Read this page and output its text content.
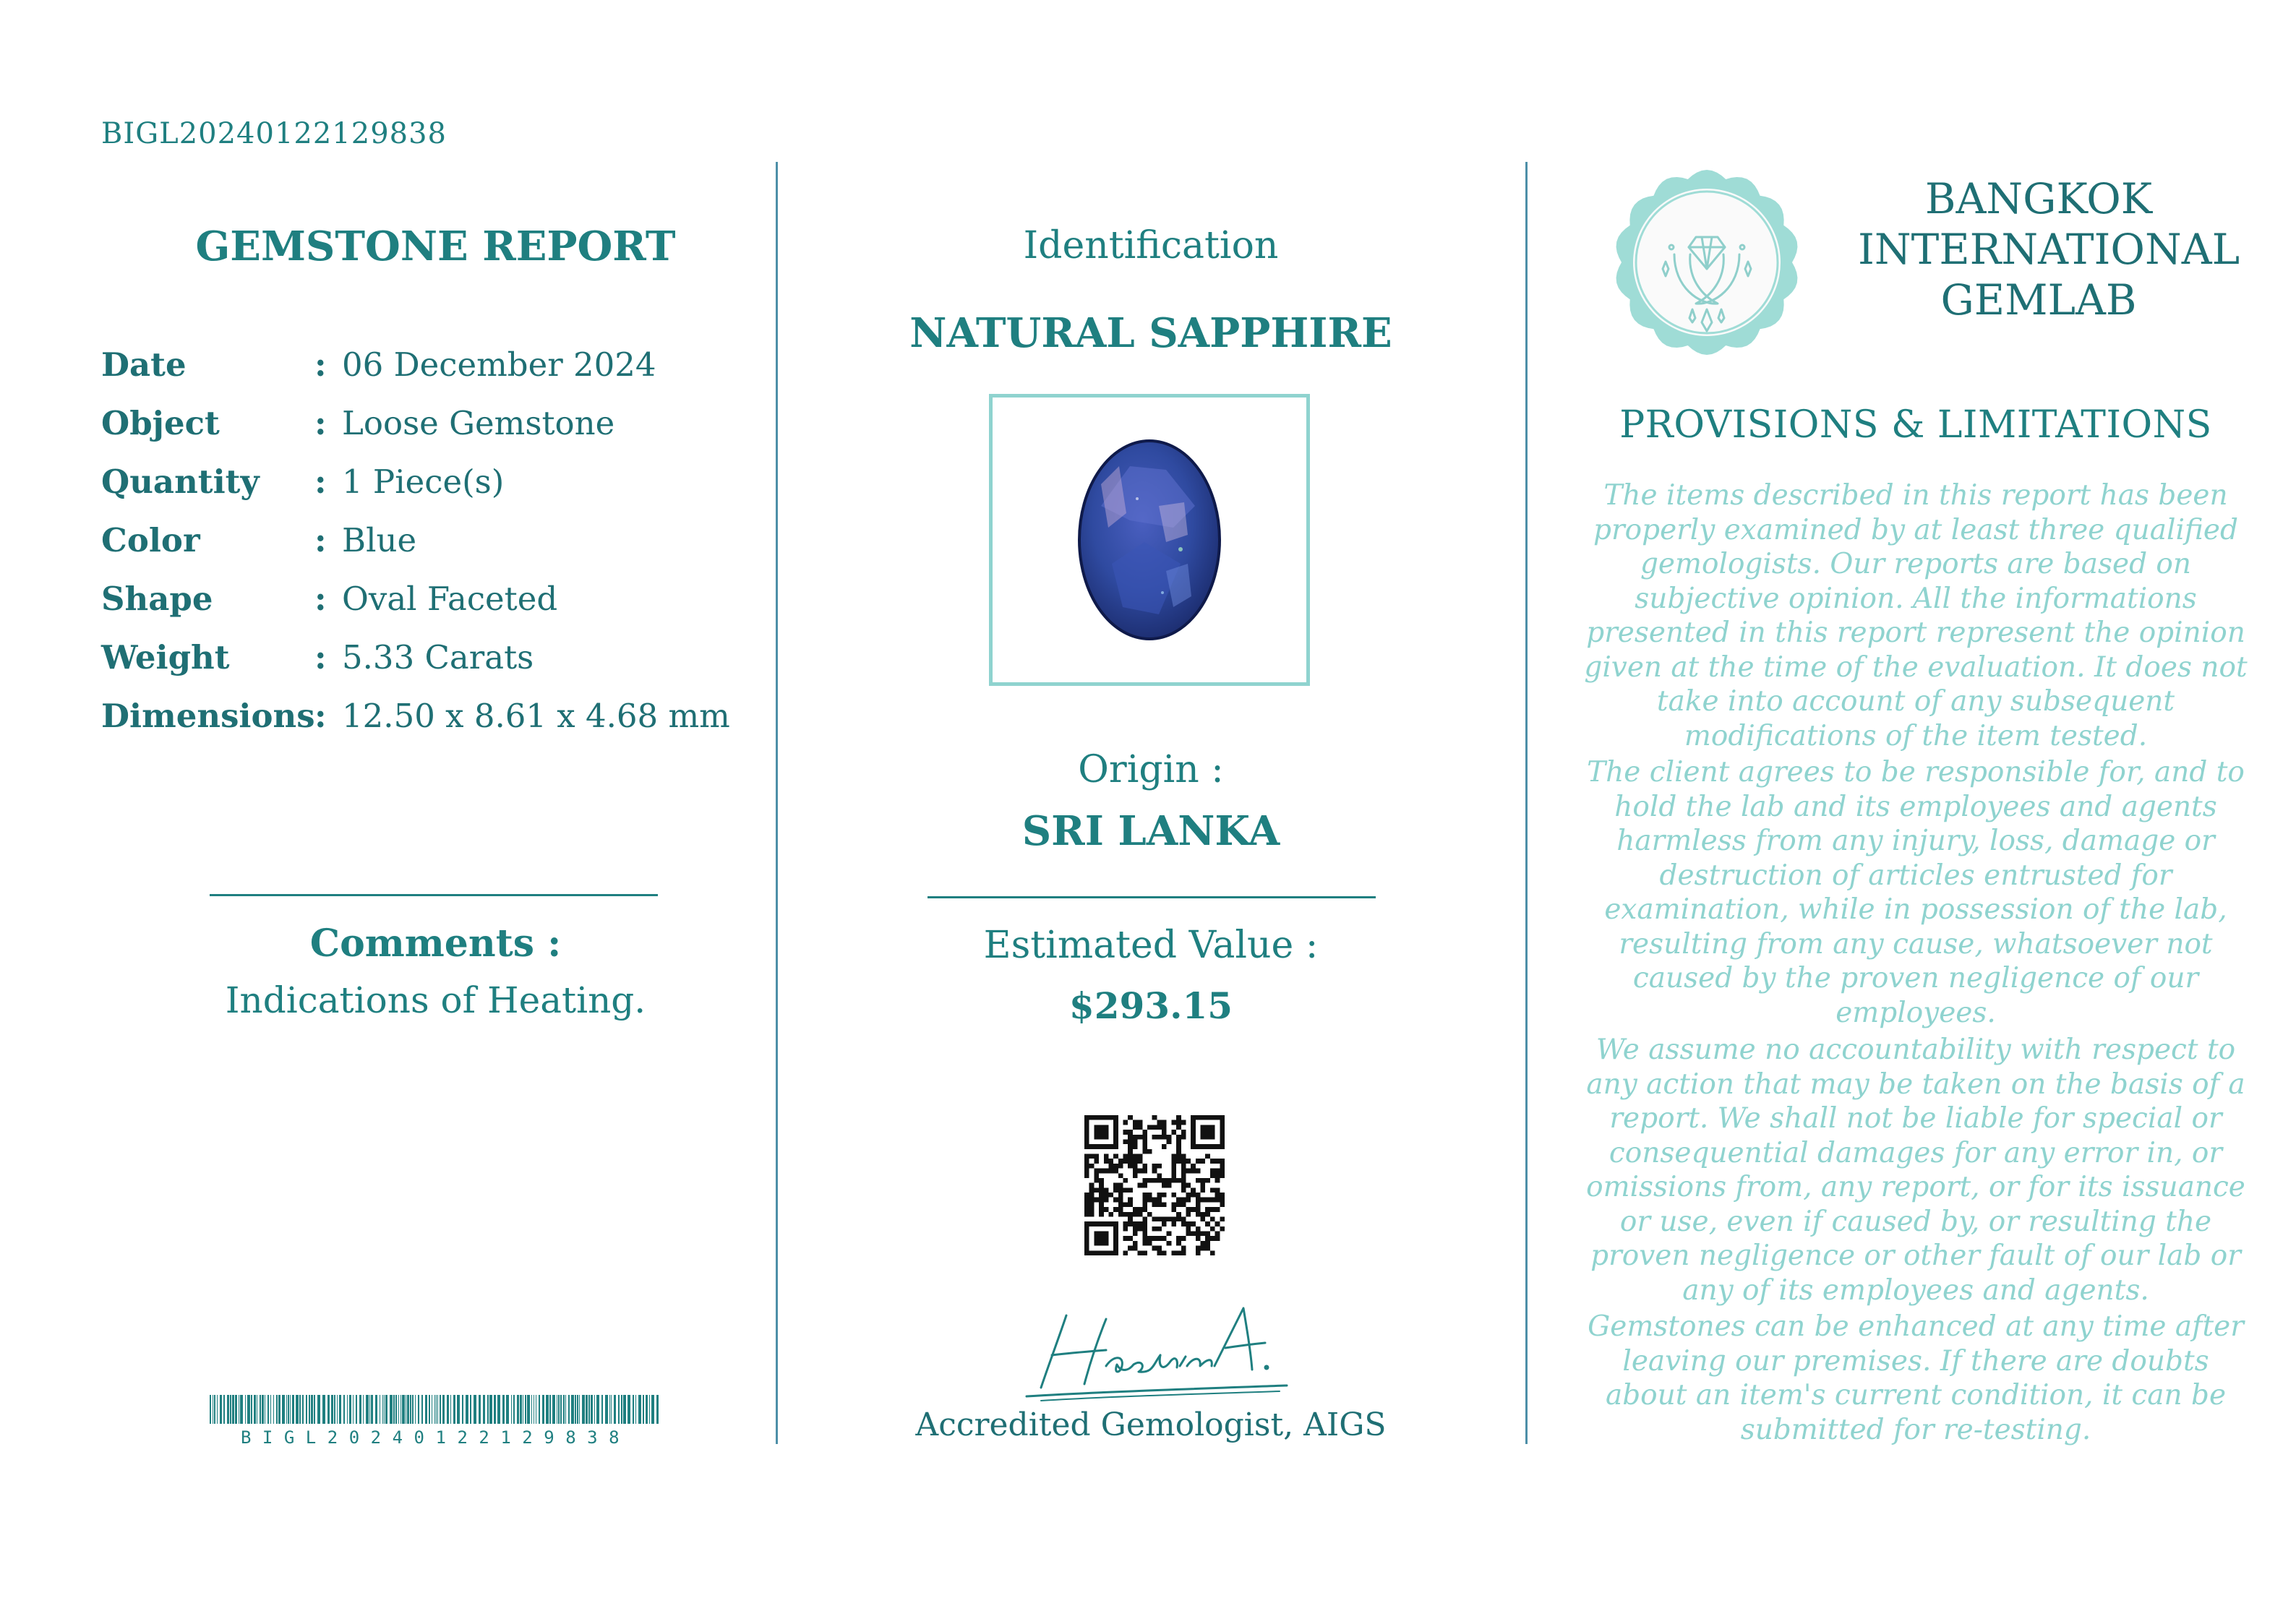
BIGL20240122129838
GEMSTONE REPORT
Date	: 06 December 2024
Object	: Loose Gemstone
Quantity : 1 Piece(s)
Color	: Blue
Shape	: Oval Faceted
Weight	: 5.33 Carats
Dimensions : 12.50 x 8.61 x 4.68 mm
Comments :
Indications of Heating.
BIGL20240122129838
Identification
NATURAL SAPPHIRE
Origin :
SRI LANKA
Estimated Value :
$293.15
Accredited Gemologist, AIGS
BANGKOK
INTERNATIONAL
GEMLAB
PROVISIONS & LIMITATIONS
The items described in this report has been properly examined by at least three qualified gemologists. Our reports are based on subjective opinion. All the informations presented in this report represent the opinion given at the time of the evaluation. It does not take into account of any subsequent modifications of the item tested.
The client agrees to be responsible for, and to hold the lab and its employees and agents harmless from any injury, loss, damage or destruction of articles entrusted for examination, while in possession of the lab, resulting from any cause, whatsoever not caused by the proven negligence of our employees.
We assume no accountability with respect to any action that may be taken on the basis of a report. We shall not be liable for special or consequential damages for any error in, or omissions from, any report, or for its issuance or use, even if caused by, or resulting the proven negligence or other fault of our lab or any of its employees and agents.
Gemstones can be enhanced at any time after leaving our premises. If there are doubts about an item's current condition, it can be submitted for re-testing.
